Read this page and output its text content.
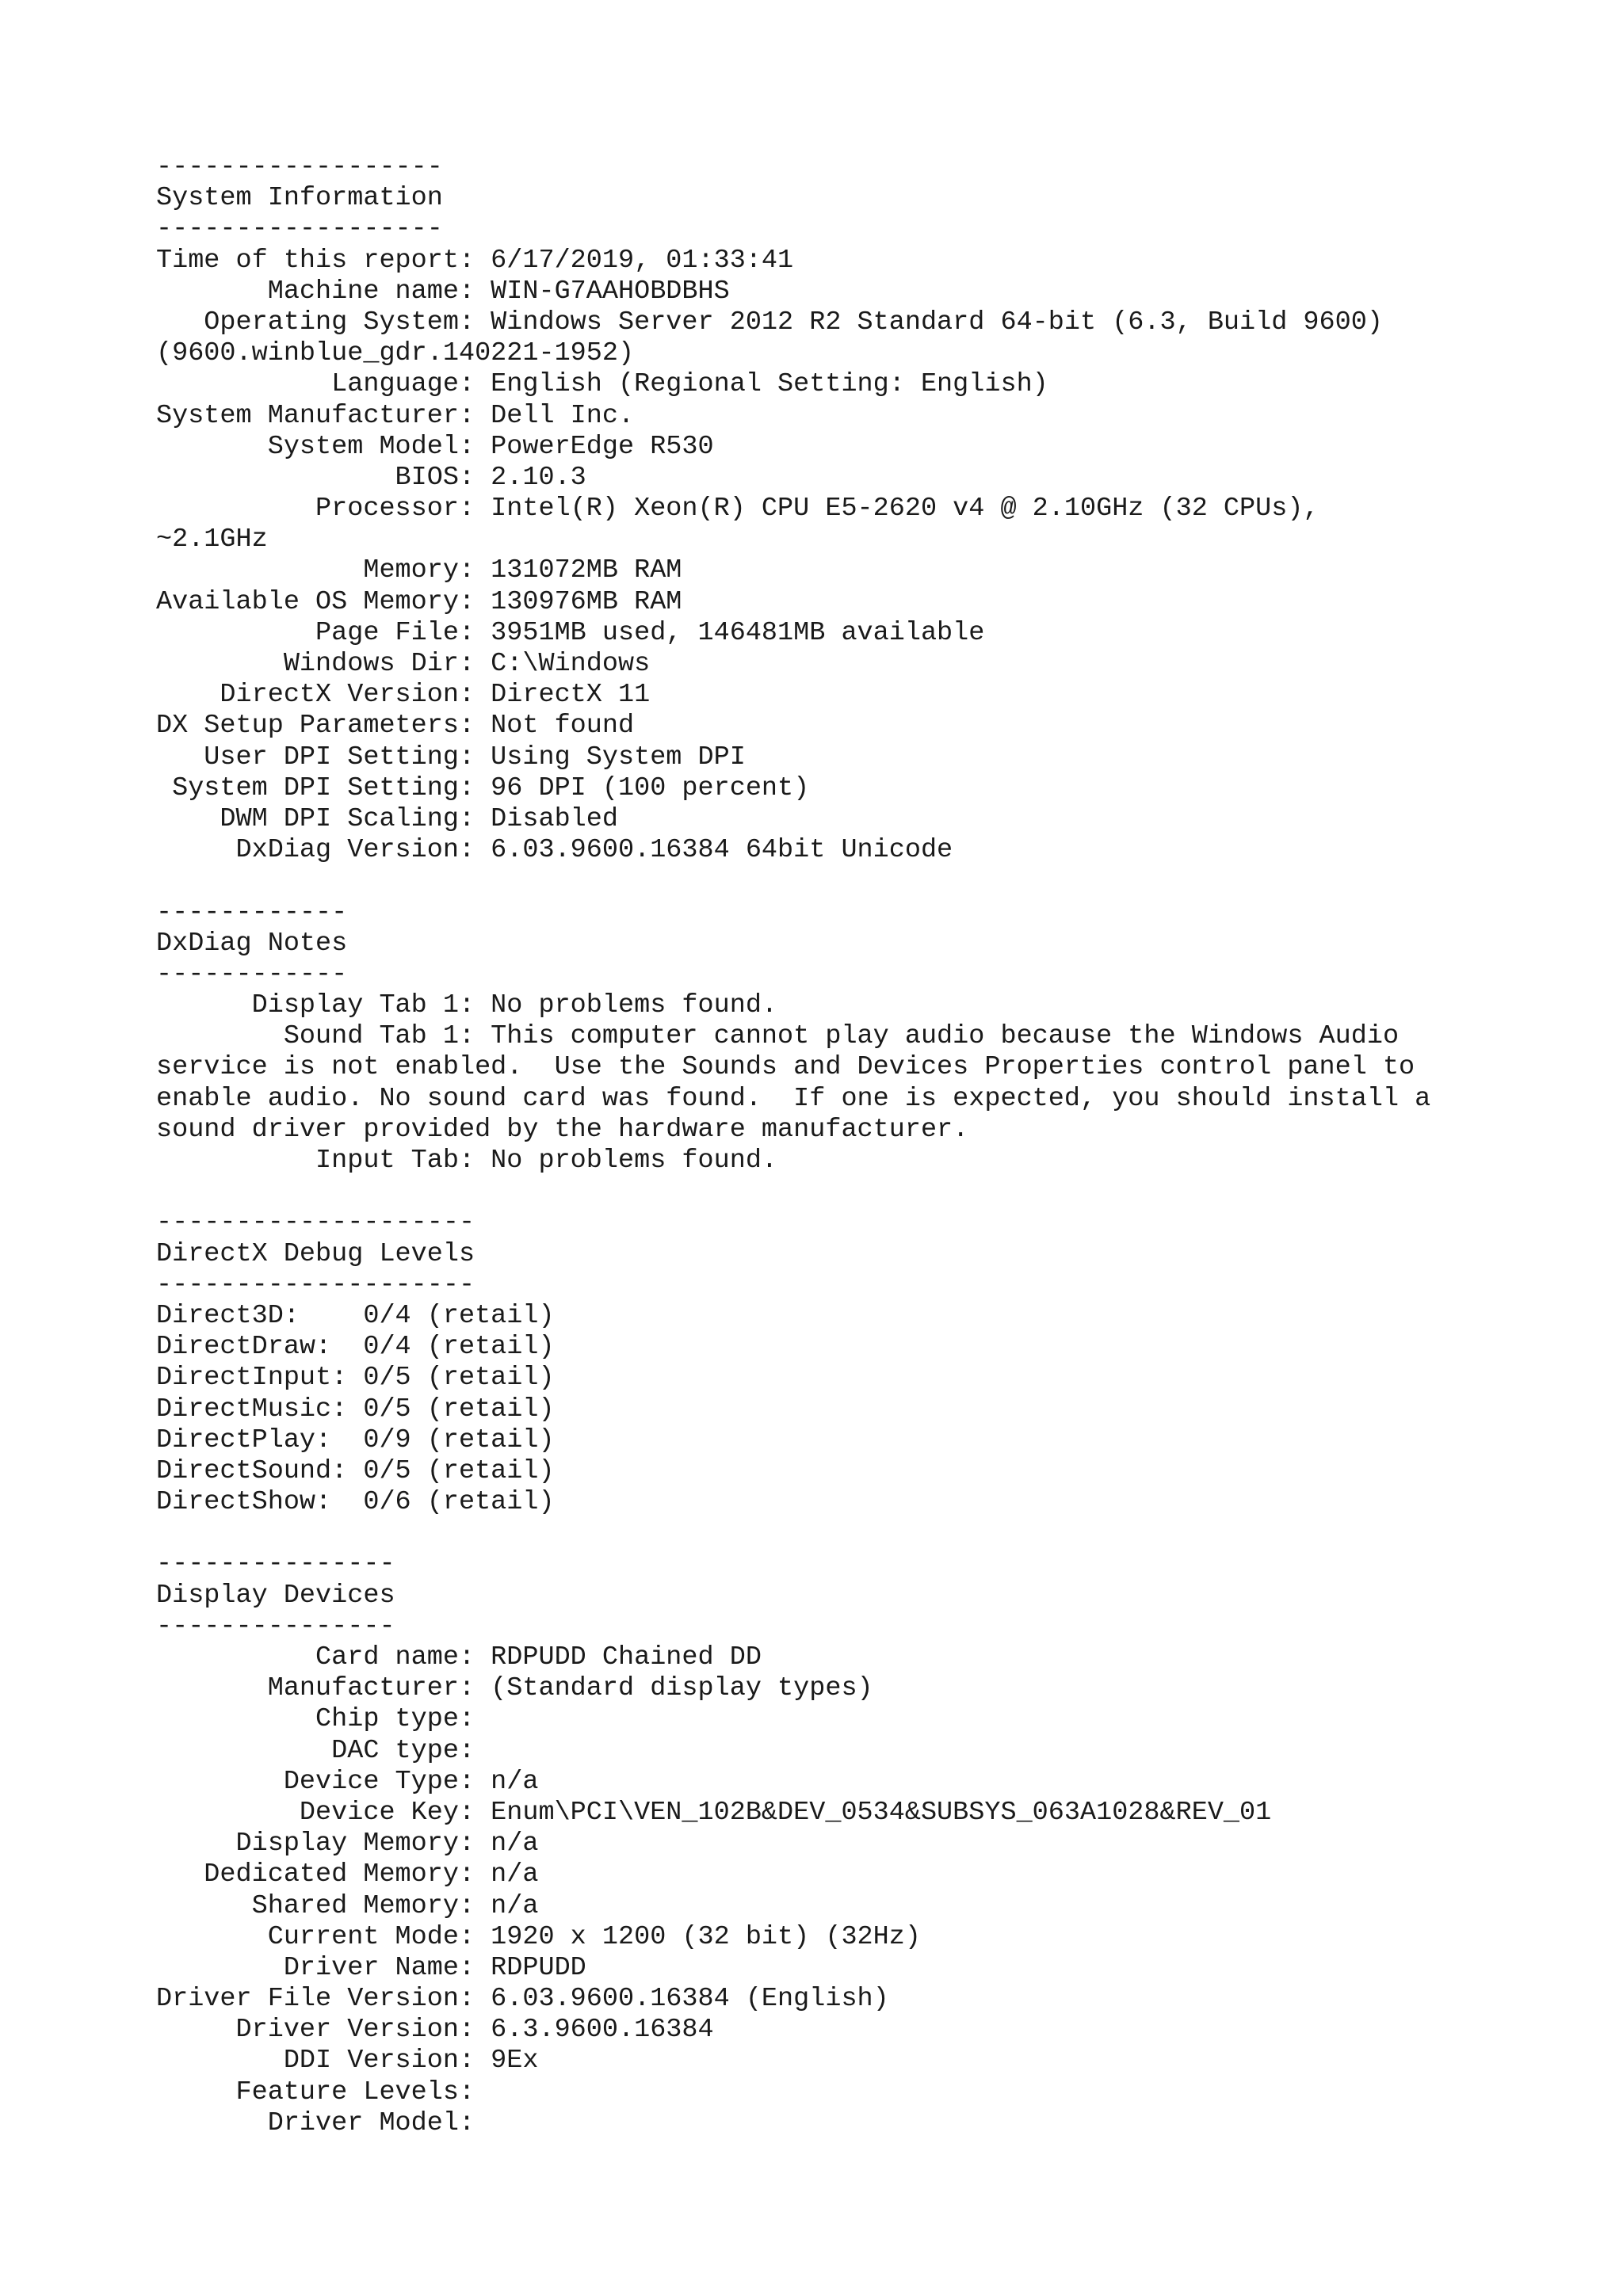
------------------
System Information
------------------
Time of this report: 6/17/2019, 01:33:41
Machine name: WIN-G7AAHOBDBHS
Operating System: Windows Server 2012 R2 Standard 64-bit (6.3, Build 9600)
(9600.winblue_gdr.140221-1952)
Language: English (Regional Setting: English)
System Manufacturer: Dell Inc.
System Model: PowerEdge R530
BIOS: 2.10.3
Processor: Intel(R) Xeon(R) CPU E5-2620 v4 @ 2.10GHz (32 CPUs),
~2.1GHz
Memory: 131072MB RAM
Available OS Memory: 130976MB RAM
Page File: 3951MB used, 146481MB available
Windows Dir: C:\Windows
DirectX Version: DirectX 11
DX Setup Parameters: Not found
User DPI Setting: Using System DPI
System DPI Setting: 96 DPI (100 percent)
DWM DPI Scaling: Disabled
DxDiag Version: 6.03.9600.16384 64bit Unicode
------------
DxDiag Notes
------------
Display Tab 1: No problems found.
Sound Tab 1: This computer cannot play audio because the Windows Audio
service is not enabled.  Use the Sounds and Devices Properties control panel to
enable audio. No sound card was found.  If one is expected, you should install a
sound driver provided by the hardware manufacturer.
Input Tab: No problems found.
--------------------
DirectX Debug Levels
--------------------
Direct3D:    0/4 (retail)
DirectDraw:  0/4 (retail)
DirectInput: 0/5 (retail)
DirectMusic: 0/5 (retail)
DirectPlay:  0/9 (retail)
DirectSound: 0/5 (retail)
DirectShow:  0/6 (retail)
---------------
Display Devices
---------------
Card name: RDPUDD Chained DD
Manufacturer: (Standard display types)
Chip type:
DAC type:
Device Type: n/a
Device Key: Enum\PCI\VEN_102B&DEV_0534&SUBSYS_063A1028&REV_01
Display Memory: n/a
Dedicated Memory: n/a
Shared Memory: n/a
Current Mode: 1920 x 1200 (32 bit) (32Hz)
Driver Name: RDPUDD
Driver File Version: 6.03.9600.16384 (English)
Driver Version: 6.3.9600.16384
DDI Version: 9Ex
Feature Levels:
Driver Model:
